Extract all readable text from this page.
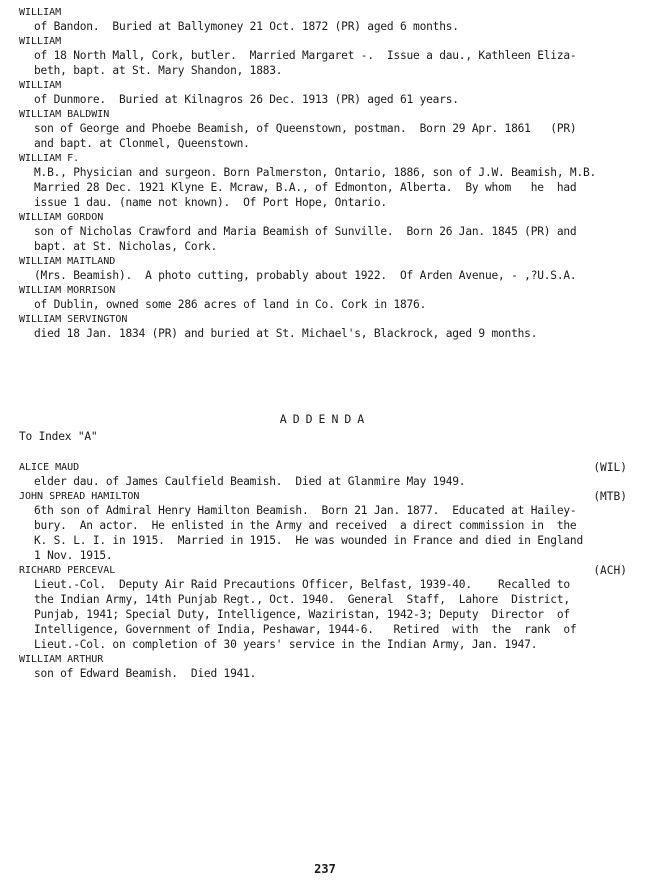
WILLIAM
of Bandon.  Buried at Ballymoney 21 Oct. 1872 (PR) aged 6 months.
WILLIAM
of 18 North Mall, Cork, butler.  Married Margaret -.  Issue a dau., Kathleen Eliza-
beth, bapt. at St. Mary Shandon, 1883.
WILLIAM
of Dunmore.  Buried at Kilnagros 26 Dec. 1913 (PR) aged 61 years.
WILLIAM BALDWIN
son of George and Phoebe Beamish, of Queenstown, postman.  Born 29 Apr. 1861   (PR)
and bapt. at Clonmel, Queenstown.
WILLIAM F.
M.B., Physician and surgeon. Born Palmerston, Ontario, 1886, son of J.W. Beamish, M.B.
Married 28 Dec. 1921 Klyne E. Mcraw, B.A., of Edmonton, Alberta.  By whom   he  had
issue 1 dau. (name not known).  Of Port Hope, Ontario.
WILLIAM GORDON
son of Nicholas Crawford and Maria Beamish of Sunville.  Born 26 Jan. 1845 (PR) and
bapt. at St. Nicholas, Cork.
WILLIAM MAITLAND
(Mrs. Beamish).  A photo cutting, probably about 1922.  Of Arden Avenue, - ,?U.S.A.
WILLIAM MORRISON
of Dublin, owned some 286 acres of land in Co. Cork in 1876.
WILLIAM SERVINGTON
died 18 Jan. 1834 (PR) and buried at St. Michael's, Blackrock, aged 9 months.
ADDENDA
To Index "A"
ALICE MAUD	(WIL)
elder dau. of James Caulfield Beamish.  Died at Glanmire May 1949.
JOHN SPREAD HAMILTON	(MTB)
6th son of Admiral Henry Hamilton Beamish.  Born 21 Jan. 1877.  Educated at Hailey-
bury.  An actor.  He enlisted in the Army and received  a direct commission in  the
K. S. L. I. in 1915.  Married in 1915.  He was wounded in France and died in England
1 Nov. 1915.
RICHARD PERCEVAL	(ACH)
Lieut.-Col.  Deputy Air Raid Precautions Officer, Belfast, 1939-40.    Recalled to
the Indian Army, 14th Punjab Regt., Oct. 1940.  General  Staff,  Lahore  District,
Punjab, 1941; Special Duty, Intelligence, Waziristan, 1942-3; Deputy  Director  of
Intelligence, Government of India, Peshawar, 1944-6.   Retired  with  the  rank  of
Lieut.-Col. on completion of 30 years' service in the Indian Army, Jan. 1947.
WILLIAM ARTHUR
son of Edward Beamish.  Died 1941.
237
